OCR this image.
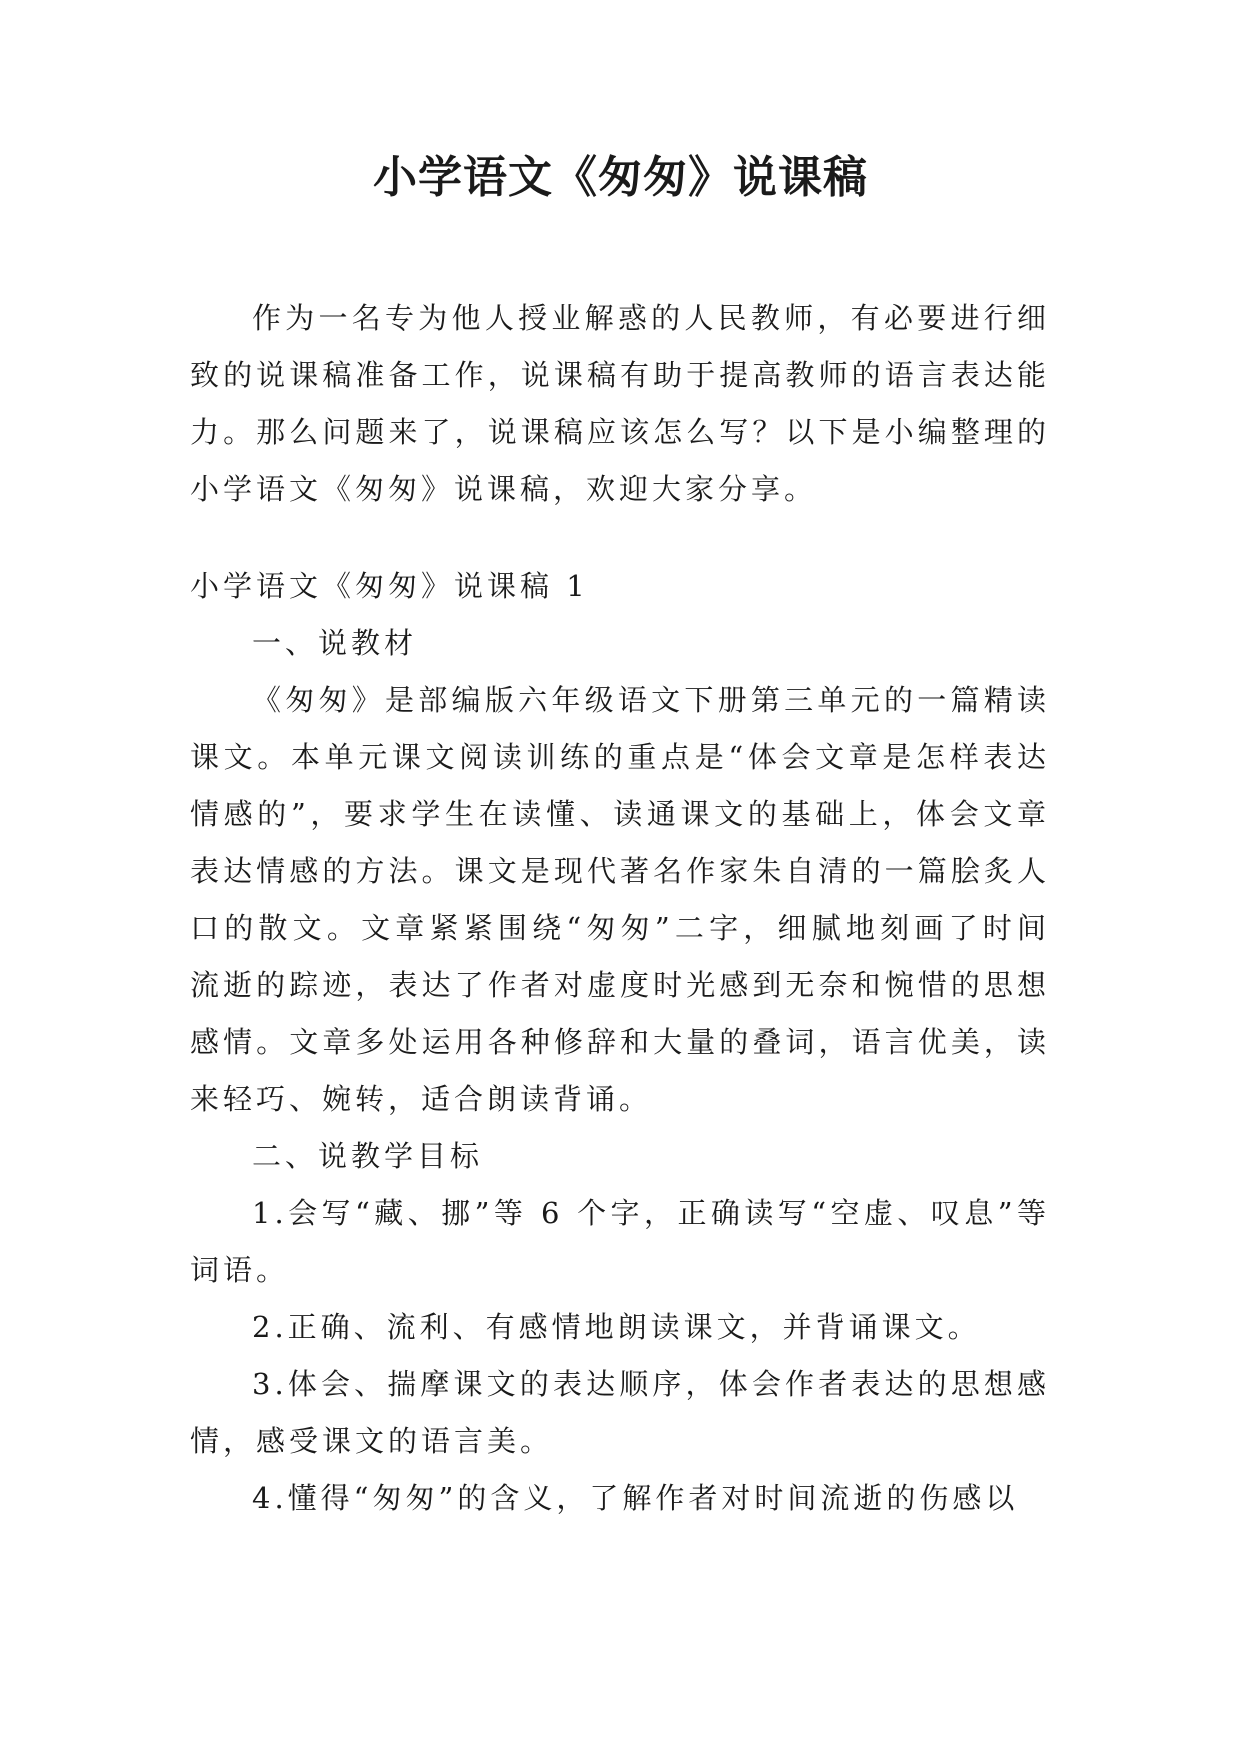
小学语文《匆匆》说课稿

作为一名专为他人授业解惑的人民教师，有必要进行细致的说课稿准备工作，说课稿有助于提高教师的语言表达能力。那么问题来了，说课稿应该怎么写？以下是小编整理的小学语文《匆匆》说课稿，欢迎大家分享。

小学语文《匆匆》说课稿 1

一、说教材

《匆匆》是部编版六年级语文下册第三单元的一篇精读课文。本单元课文阅读训练的重点是“体会文章是怎样表达情感的”，要求学生在读懂、读通课文的基础上，体会文章表达情感的方法。课文是现代著名作家朱自清的一篇脍炙人口的散文。文章紧紧围绕“匆匆”二字，细腻地刻画了时间流逝的踪迹，表达了作者对虚度时光感到无奈和惋惜的思想感情。文章多处运用各种修辞和大量的叠词，语言优美，读来轻巧、婉转，适合朗读背诵。

二、说教学目标

1.会写“藏、挪”等 6 个字，正确读写“空虚、叹息”等词语。

2.正确、流利、有感情地朗读课文，并背诵课文。

3.体会、揣摩课文的表达顺序，体会作者表达的思想感情，感受课文的语言美。

4.懂得“匆匆”的含义，了解作者对时间流逝的伤感以
